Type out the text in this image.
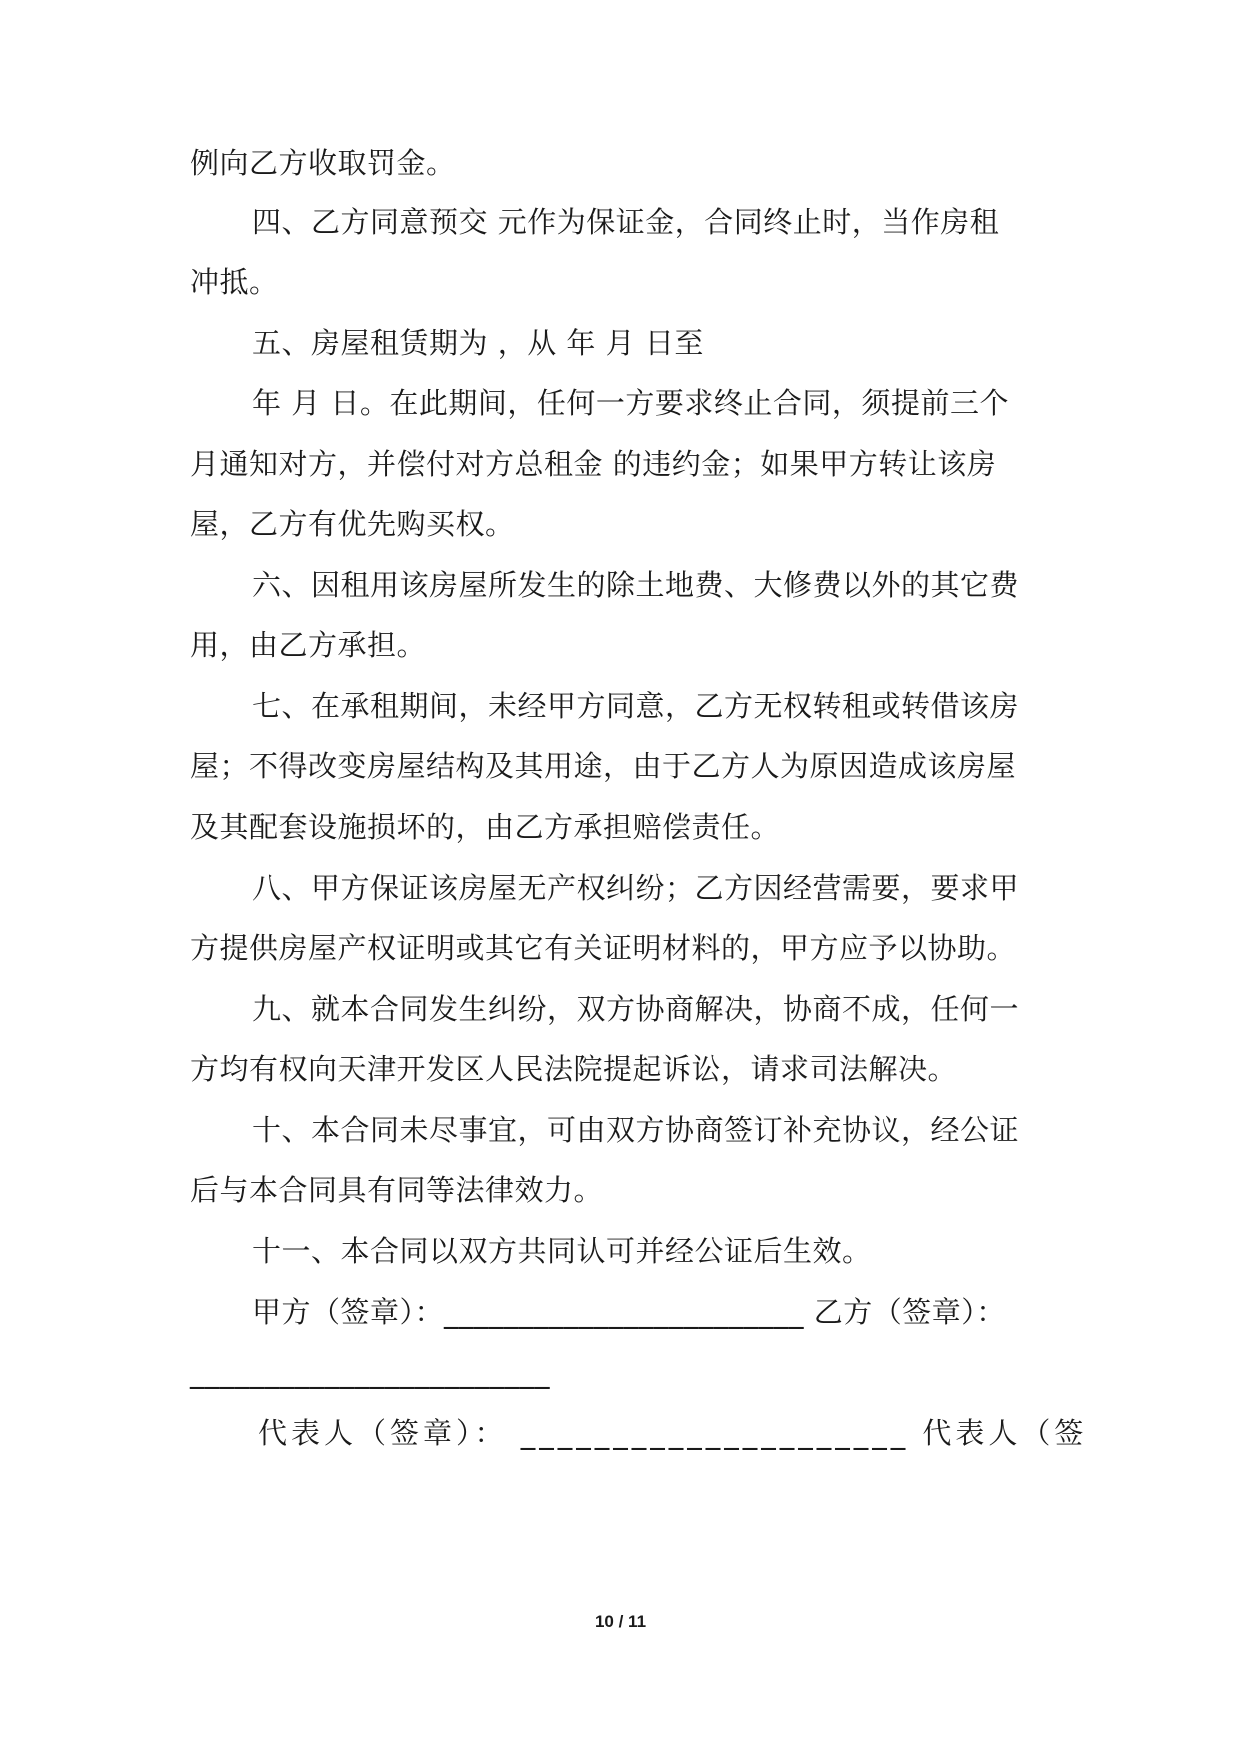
例向乙方收取罚金。
四、乙方同意预交 元作为保证金，合同终止时，当作房租
冲抵。
五、房屋租赁期为 ，从 年 月 日至
年 月 日。在此期间，任何一方要求终止合同，须提前三个
月通知对方，并偿付对方总租金 的违约金；如果甲方转让该房
屋，乙方有优先购买权。
六、因租用该房屋所发生的除土地费、大修费以外的其它费
用，由乙方承担。
七、在承租期间，未经甲方同意，乙方无权转租或转借该房
屋；不得改变房屋结构及其用途，由于乙方人为原因造成该房屋
及其配套设施损坏的，由乙方承担赔偿责任。
八、甲方保证该房屋无产权纠纷；乙方因经营需要，要求甲
方提供房屋产权证明或其它有关证明材料的，甲方应予以协助。
九、就本合同发生纠纷，双方协商解决，协商不成，任何一
方均有权向天津开发区人民法院提起诉讼，请求司法解决。
十、本合同未尽事宜，可由双方协商签订补充协议，经公证
后与本合同具有同等法律效力。
十一、本合同以双方共同认可并经公证后生效。
甲方（签章）：________________________ 乙方（签章）：
________________________
代表人（签章）： _____________________ 代表人（签
10 / 11
